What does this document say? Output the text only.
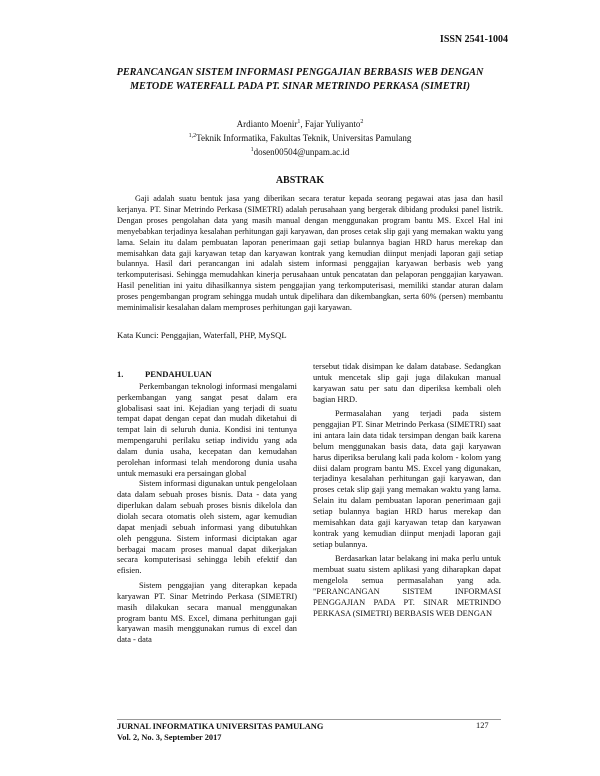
ISSN 2541-1004
PERANCANGAN SISTEM INFORMASI PENGGAJIAN BERBASIS WEB DENGAN METODE WATERFALL PADA PT. SINAR METRINDO PERKASA (SIMETRI)
Ardianto Moenir$^1$, Fajar Yuliyanto$^2$
$^{1,2}$Teknik Informatika, Fakultas Teknik, Universitas Pamulang
$^1$dosen00504@unpam.ac.id
ABSTRAK

Gaji adalah suatu bentuk jasa yang diberikan secara teratur kepada seorang pegawai atas jasa dan hasil kerjanya. PT. Sinar Metrindo Perkasa (SIMETRI) adalah perusahaan yang bergerak dibidang produksi panel listrik. Dengan proses pengolahan data yang masih manual dengan menggunakan program bantu MS. Excel Hal ini menyebabkan terjadinya kesalahan perhitungan gaji karyawan, dan proses cetak slip gaji yang memakan waktu yang lama. Selain itu dalam pembuatan laporan penerimaan gaji setiap bulannya bagian HRD harus merekap dan memisahkan data gaji karyawan tetap dan karyawan kontrak yang kemudian diinput menjadi laporan gaji setiap bulannya. Hasil dari perancangan ini adalah sistem informasi penggajian karyawan berbasis web yang terkomputerisasi. Sehingga memudahkan kinerja perusahaan untuk pencatatan dan pelaporan penggajian karyawan. Hasil penelitian ini yaitu dihasilkannya sistem penggajian yang terkomputerisasi, memiliki standar aturan dalam proses pengembangan program sehingga mudah untuk dipelihara dan dikembangkan, serta 60% (persen) membantu meminimalisir kesalahan dalam memproses perhitungan gaji karyawan.

Kata Kunci: Penggajian, Waterfall, PHP, MySQL
1.	PENDAHULUAN

Perkembangan teknologi informasi mengalami perkembangan yang sangat pesat dalam era globalisasi saat ini. Kejadian yang terjadi di suatu tempat dapat dengan cepat dan mudah diketahui di tempat lain di seluruh dunia. Kondisi ini tentunya mempengaruhi perilaku setiap individu yang ada dalam dunia usaha, kecepatan dan kemudahan perolehan informasi telah mendorong dunia usaha untuk memasuki era persaingan global

Sistem informasi digunakan untuk pengelolaan data dalam sebuah proses bisnis. Data - data yang diperlukan dalam sebuah proses bisnis dikelola dan diolah secara otomatis oleh sistem, agar kemudian dapat menjadi sebuah informasi yang dibutuhkan oleh pengguna. Sistem informasi diciptakan agar berbagai macam proses manual dapat dikerjakan secara komputerisasi sehingga lebih efektif dan efisien.

Sistem penggajian yang diterapkan kepada karyawan PT. Sinar Metrindo Perkasa (SIMETRI) masih dilakukan secara manual menggunakan program bantu MS. Excel, dimana perhitungan gaji karyawan masih menggunakan rumus di excel dan data - data

tersebut tidak disimpan ke dalam database. Sedangkan untuk mencetak slip gaji juga dilakukan manual karyawan satu per satu dan diperiksa kembali oleh bagian HRD.

Permasalahan yang terjadi pada sistem penggajian PT. Sinar Metrindo Perkasa (SIMETRI) saat ini antara lain data tidak tersimpan dengan baik karena belum menggunakan basis data, data gaji karyawan harus diperiksa berulang kali pada kolom - kolom yang diisi dalam program bantu MS. Excel yang digunakan, terjadinya kesalahan perhitungan gaji karyawan, dan proses cetak slip gaji yang memakan waktu yang lama. Selain itu dalam pembuatan laporan penerimaan gaji setiap bulannya bagian HRD harus merekap dan memisahkan data gaji karyawan tetap dan karyawan kontrak yang kemudian diinput menjadi laporan gaji setiap bulannya.

Berdasarkan latar belakang ini maka perlu untuk membuat suatu sistem aplikasi yang diharapkan dapat mengelola semua permasalahan yang ada. "PERANCANGAN SISTEM INFORMASI PENGGAJIAN PADA PT. SINAR METRINDO PERKASA (SIMETRI) BERBASIS WEB DENGAN

JURNAL INFORMATIKA UNIVERSITAS PAMULANG
Vol. 2, No. 3, September 2017
127
